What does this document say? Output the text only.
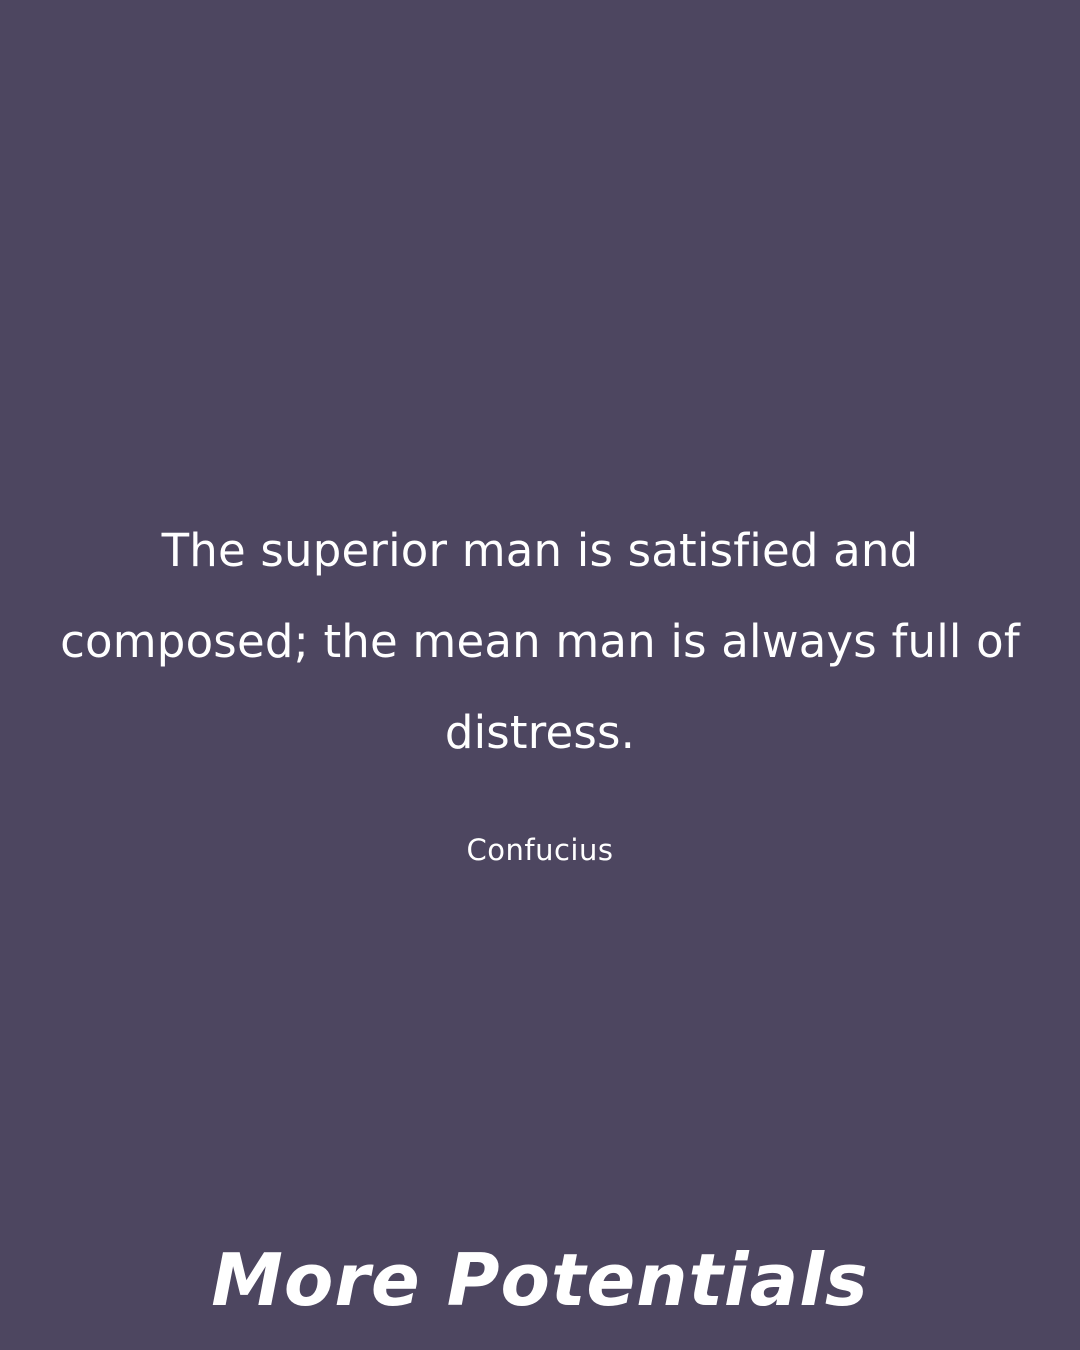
The superior man is satisfied and composed; the mean man is always full of distress.

Confucius

More Potentials
